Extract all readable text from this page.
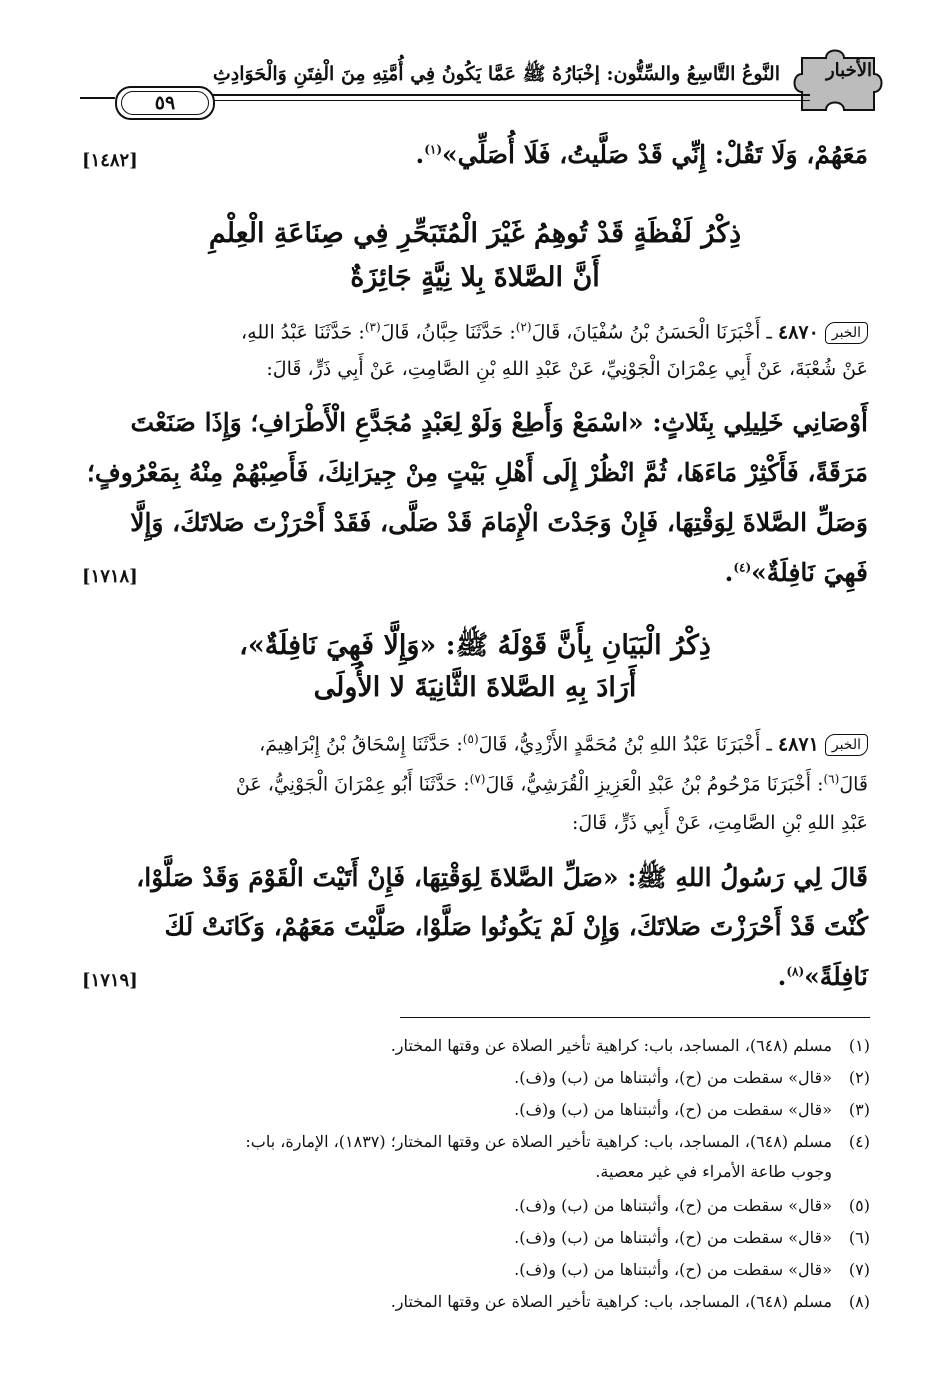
الأخبار
النَّوعُ التَّاسِعُ والسِّتُّون: إخْبَارُهُ ﷺ عَمَّا يَكُونُ فِي أُمَّتِهِ مِنَ الْفِتَنِ وَالْحَوَادِثِ
٥٩
مَعَهُمْ، وَلَا تَقُلْ: إِنِّي قَدْ صَلَّيتُ، فَلَا أُصَلِّي»$^{(١)}$.
[١٤٨٢]
ذِكْرُ لَفْظَةٍ قَدْ تُوهِمُ غَيْرَ الْمُتَبَحِّرِ فِي صِنَاعَةِ الْعِلْمِ
أَنَّ الصَّلاةَ بِلا نِيَّةٍ جَائِزَةٌ
الخبر٤٨٧٠ ـ أَخْبَرَنَا الْحَسَنُ بْنُ سُفْيَانَ، قَالَ$^{(٢)}$: حَدَّثَنَا حِبَّانُ، قَالَ$^{(٣)}$: حَدَّثَنَا عَبْدُ اللهِ،
عَنْ شُعْبَةَ، عَنْ أَبِي عِمْرَانَ الْجَوْنِيِّ، عَنْ عَبْدِ اللهِ بْنِ الصَّامِتِ، عَنْ أَبِي ذَرٍّ، قَالَ:
أَوْصَانِي خَلِيلِي بِثَلاثٍ: «اسْمَعْ وَأَطِعْ وَلَوْ لِعَبْدٍ مُجَدَّعِ الْأَطْرَافِ؛ وَإِذَا صَنَعْتَ
مَرَقَةً، فَأَكْثِرْ مَاءَهَا، ثُمَّ انْظُرْ إِلَى أَهْلِ بَيْتٍ مِنْ جِيرَانِكَ، فَأَصِبْهُمْ مِنْهُ بِمَعْرُوفٍ؛
وَصَلِّ الصَّلاةَ لِوَقْتِهَا، فَإِنْ وَجَدْتَ الْإِمَامَ قَدْ صَلَّى، فَقَدْ أَحْرَزْتَ صَلاتَكَ، وَإِلَّا
فَهِيَ نَافِلَةٌ»$^{(٤)}$.
[١٧١٨]
ذِكْرُ الْبَيَانِ بِأَنَّ قَوْلَهُ ﷺ: «وَإِلَّا فَهِيَ نَافِلَةٌ»،
أَرَادَ بِهِ الصَّلاةَ الثَّانِيَةَ لا الأُولَى
الخبر٤٨٧١ ـ أَخْبَرَنَا عَبْدُ اللهِ بْنُ مُحَمَّدٍ الأَزْدِيُّ، قَالَ$^{(٥)}$: حَدَّثَنَا إِسْحَاقُ بْنُ إِبْرَاهِيمَ،
قَالَ$^{(٦)}$: أَخْبَرَنَا مَرْحُومُ بْنُ عَبْدِ الْعَزِيزِ الْقُرَشِيُّ، قَالَ$^{(٧)}$: حَدَّثَنَا أَبُو عِمْرَانَ الْجَوْنِيُّ، عَنْ
عَبْدِ اللهِ بْنِ الصَّامِتِ، عَنْ أَبِي ذَرٍّ، قَالَ:
قَالَ لِي رَسُولُ اللهِ ﷺ: «صَلِّ الصَّلاةَ لِوَقْتِهَا، فَإِنْ أَتَيْتَ الْقَوْمَ وَقَدْ صَلَّوْا،
كُنْتَ قَدْ أَحْرَزْتَ صَلاتَكَ، وَإِنْ لَمْ يَكُونُوا صَلَّوْا، صَلَّيْتَ مَعَهُمْ، وَكَانَتْ لَكَ
نَافِلَةً»$^{(٨)}$.
[١٧١٩]
(١)مسلم (٦٤٨)، المساجد، باب: كراهية تأخير الصلاة عن وقتها المختار.
(٢)«قال» سقطت من (ح)، وأثبتناها من (ب) و(ف).
(٣)«قال» سقطت من (ح)، وأثبتناها من (ب) و(ف).
(٤)مسلم (٦٤٨)، المساجد، باب: كراهية تأخير الصلاة عن وقتها المختار؛ (١٨٣٧)، الإمارة، باب:
وجوب طاعة الأمراء في غير معصية.
(٥)«قال» سقطت من (ح)، وأثبتناها من (ب) و(ف).
(٦)«قال» سقطت من (ح)، وأثبتناها من (ب) و(ف).
(٧)«قال» سقطت من (ح)، وأثبتناها من (ب) و(ف).
(٨)مسلم (٦٤٨)، المساجد، باب: كراهية تأخير الصلاة عن وقتها المختار.
